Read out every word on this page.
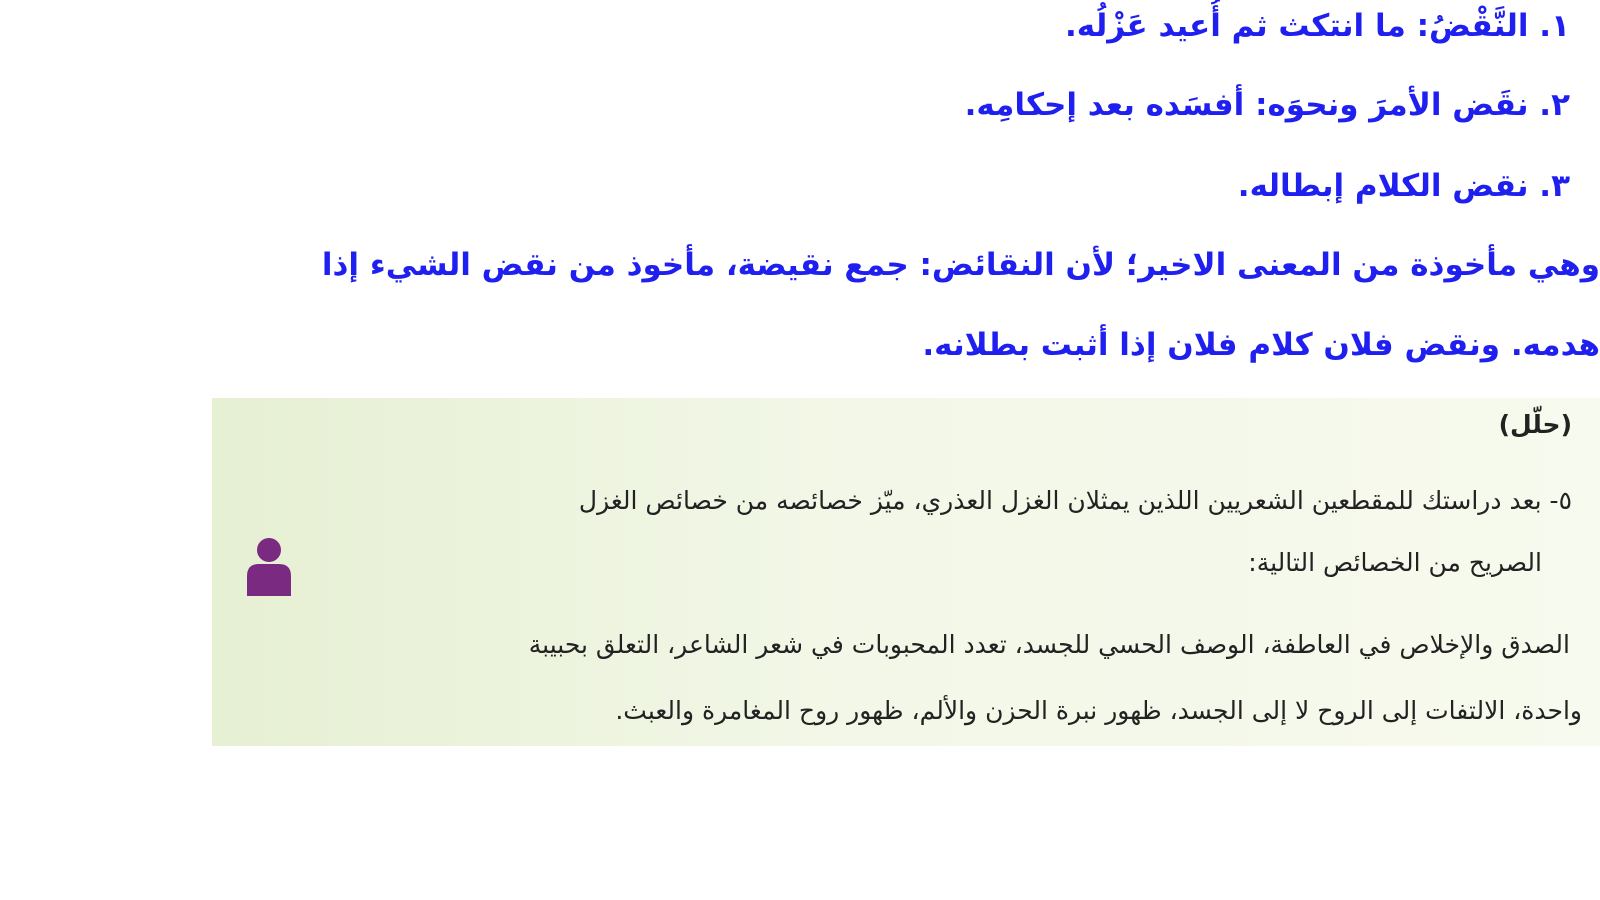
١. النَّقْضُ: ما انتكث ثم أُعيد عَزْلُه.
٢. نقَض الأمرَ ونحوَه: أفسَده بعد إحكامِه.
٣. نقض الكلام إبطاله.
وهي مأخوذة من المعنى الاخير؛ لأن النقائض: جمع نقيضة، مأخوذ من نقض الشيء إذا
هدمه. ونقض فلان كلام فلان إذا أثبت بطلانه.
(حلّل)
٥- بعد دراستك للمقطعين الشعريين اللذين يمثلان الغزل العذري، ميّز خصائصه من خصائص الغزل
الصريح من الخصائص التالية:
الصدق والإخلاص في العاطفة، الوصف الحسي للجسد، تعدد المحبوبات في شعر الشاعر، التعلق بحبيبة
واحدة، الالتفات إلى الروح لا إلى الجسد، ظهور نبرة الحزن والألم، ظهور روح المغامرة والعبث.
